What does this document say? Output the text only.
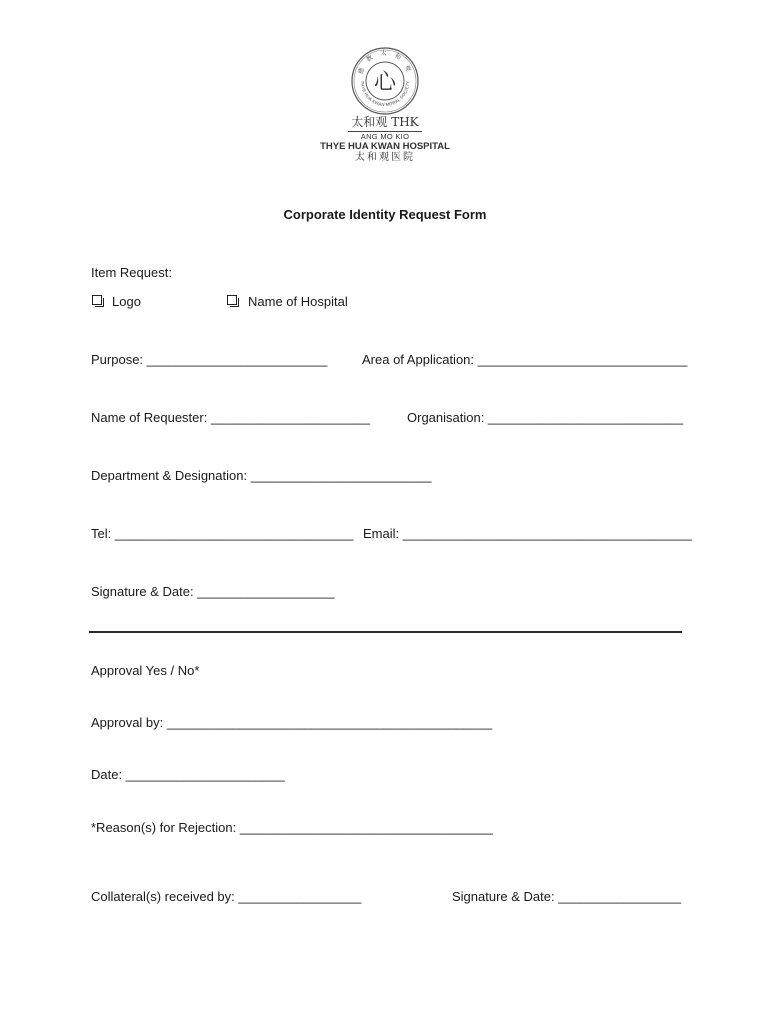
THYE HUA KWAN MORAL SOCIETY
德 教 太 和 观
心
太和观 THK
ANG MO KIO
THYE HUA KWAN HOSPITAL
太和观医院
Corporate Identity Request Form
Item Request:
Logo	Name of Hospital
Purpose: _________________________	Area of Application: _____________________________
Name of Requester: ______________________	Organisation: ___________________________
Department & Designation: _________________________
Tel: _________________________________ Email: ________________________________________
Signature & Date: ___________________
Approval Yes / No*
Approval by: _____________________________________________
Date: ______________________
*Reason(s) for Rejection: ___________________________________
Collateral(s) received by: _________________	Signature & Date: _________________
